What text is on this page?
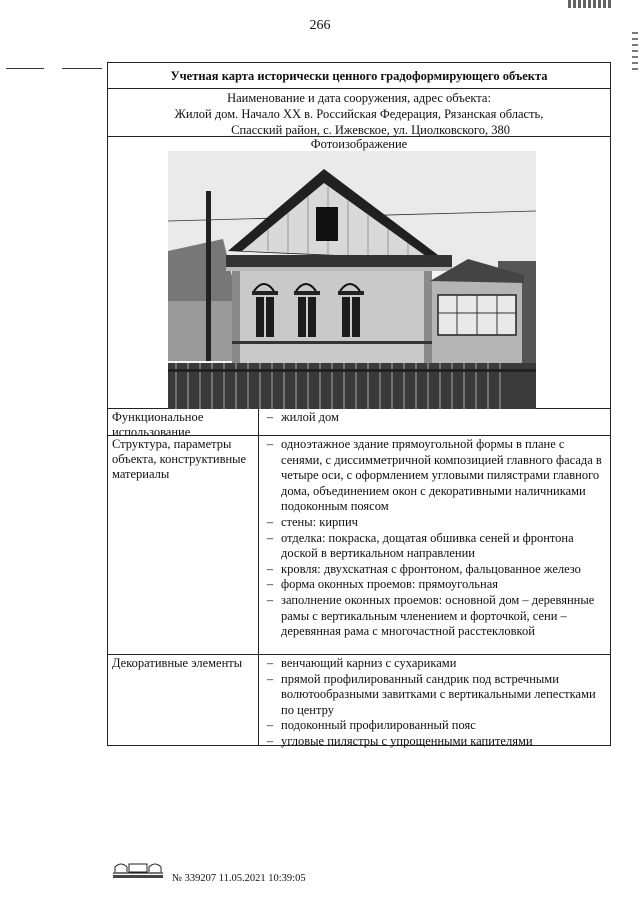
266
Учетная карта исторически ценного градоформирующего объекта
Наименование и дата сооружения, адрес объекта:
Жилой дом. Начало XX в. Российская Федерация, Рязанская область,
Спасский район, с. Ижевское, ул. Циолковского, 380
Фотоизображение
Функциональное использование
– жилой дом
Структура, параметры объекта, конструктивные материалы
– одноэтажное здание прямоугольной формы в плане с сенями, с диссимметричной композицией главного фасада в четыре оси, с оформлением угловыми пилястрами главного дома, объединением окон с декоративными наличниками подоконным поясом
– стены: кирпич
– отделка: покраска, дощатая обшивка сеней и фронтона доской в вертикальном направлении
– кровля: двухскатная с фронтоном, фальцованное железо
– форма оконных проемов: прямоугольная
– заполнение оконных проемов: основной дом – деревянные рамы с вертикальным членением и форточкой, сени – деревянная рама с многочастной расстекловкой
Декоративные элементы	– венчающий карниз с сухариками
– прямой профилированный сандрик под встречными волютообразными завитками с вертикальными лепестками по центру
– подоконный профилированный пояс
– угловые пилястры с упрощенными капителями
№ 339207 11.05.2021 10:39:05
